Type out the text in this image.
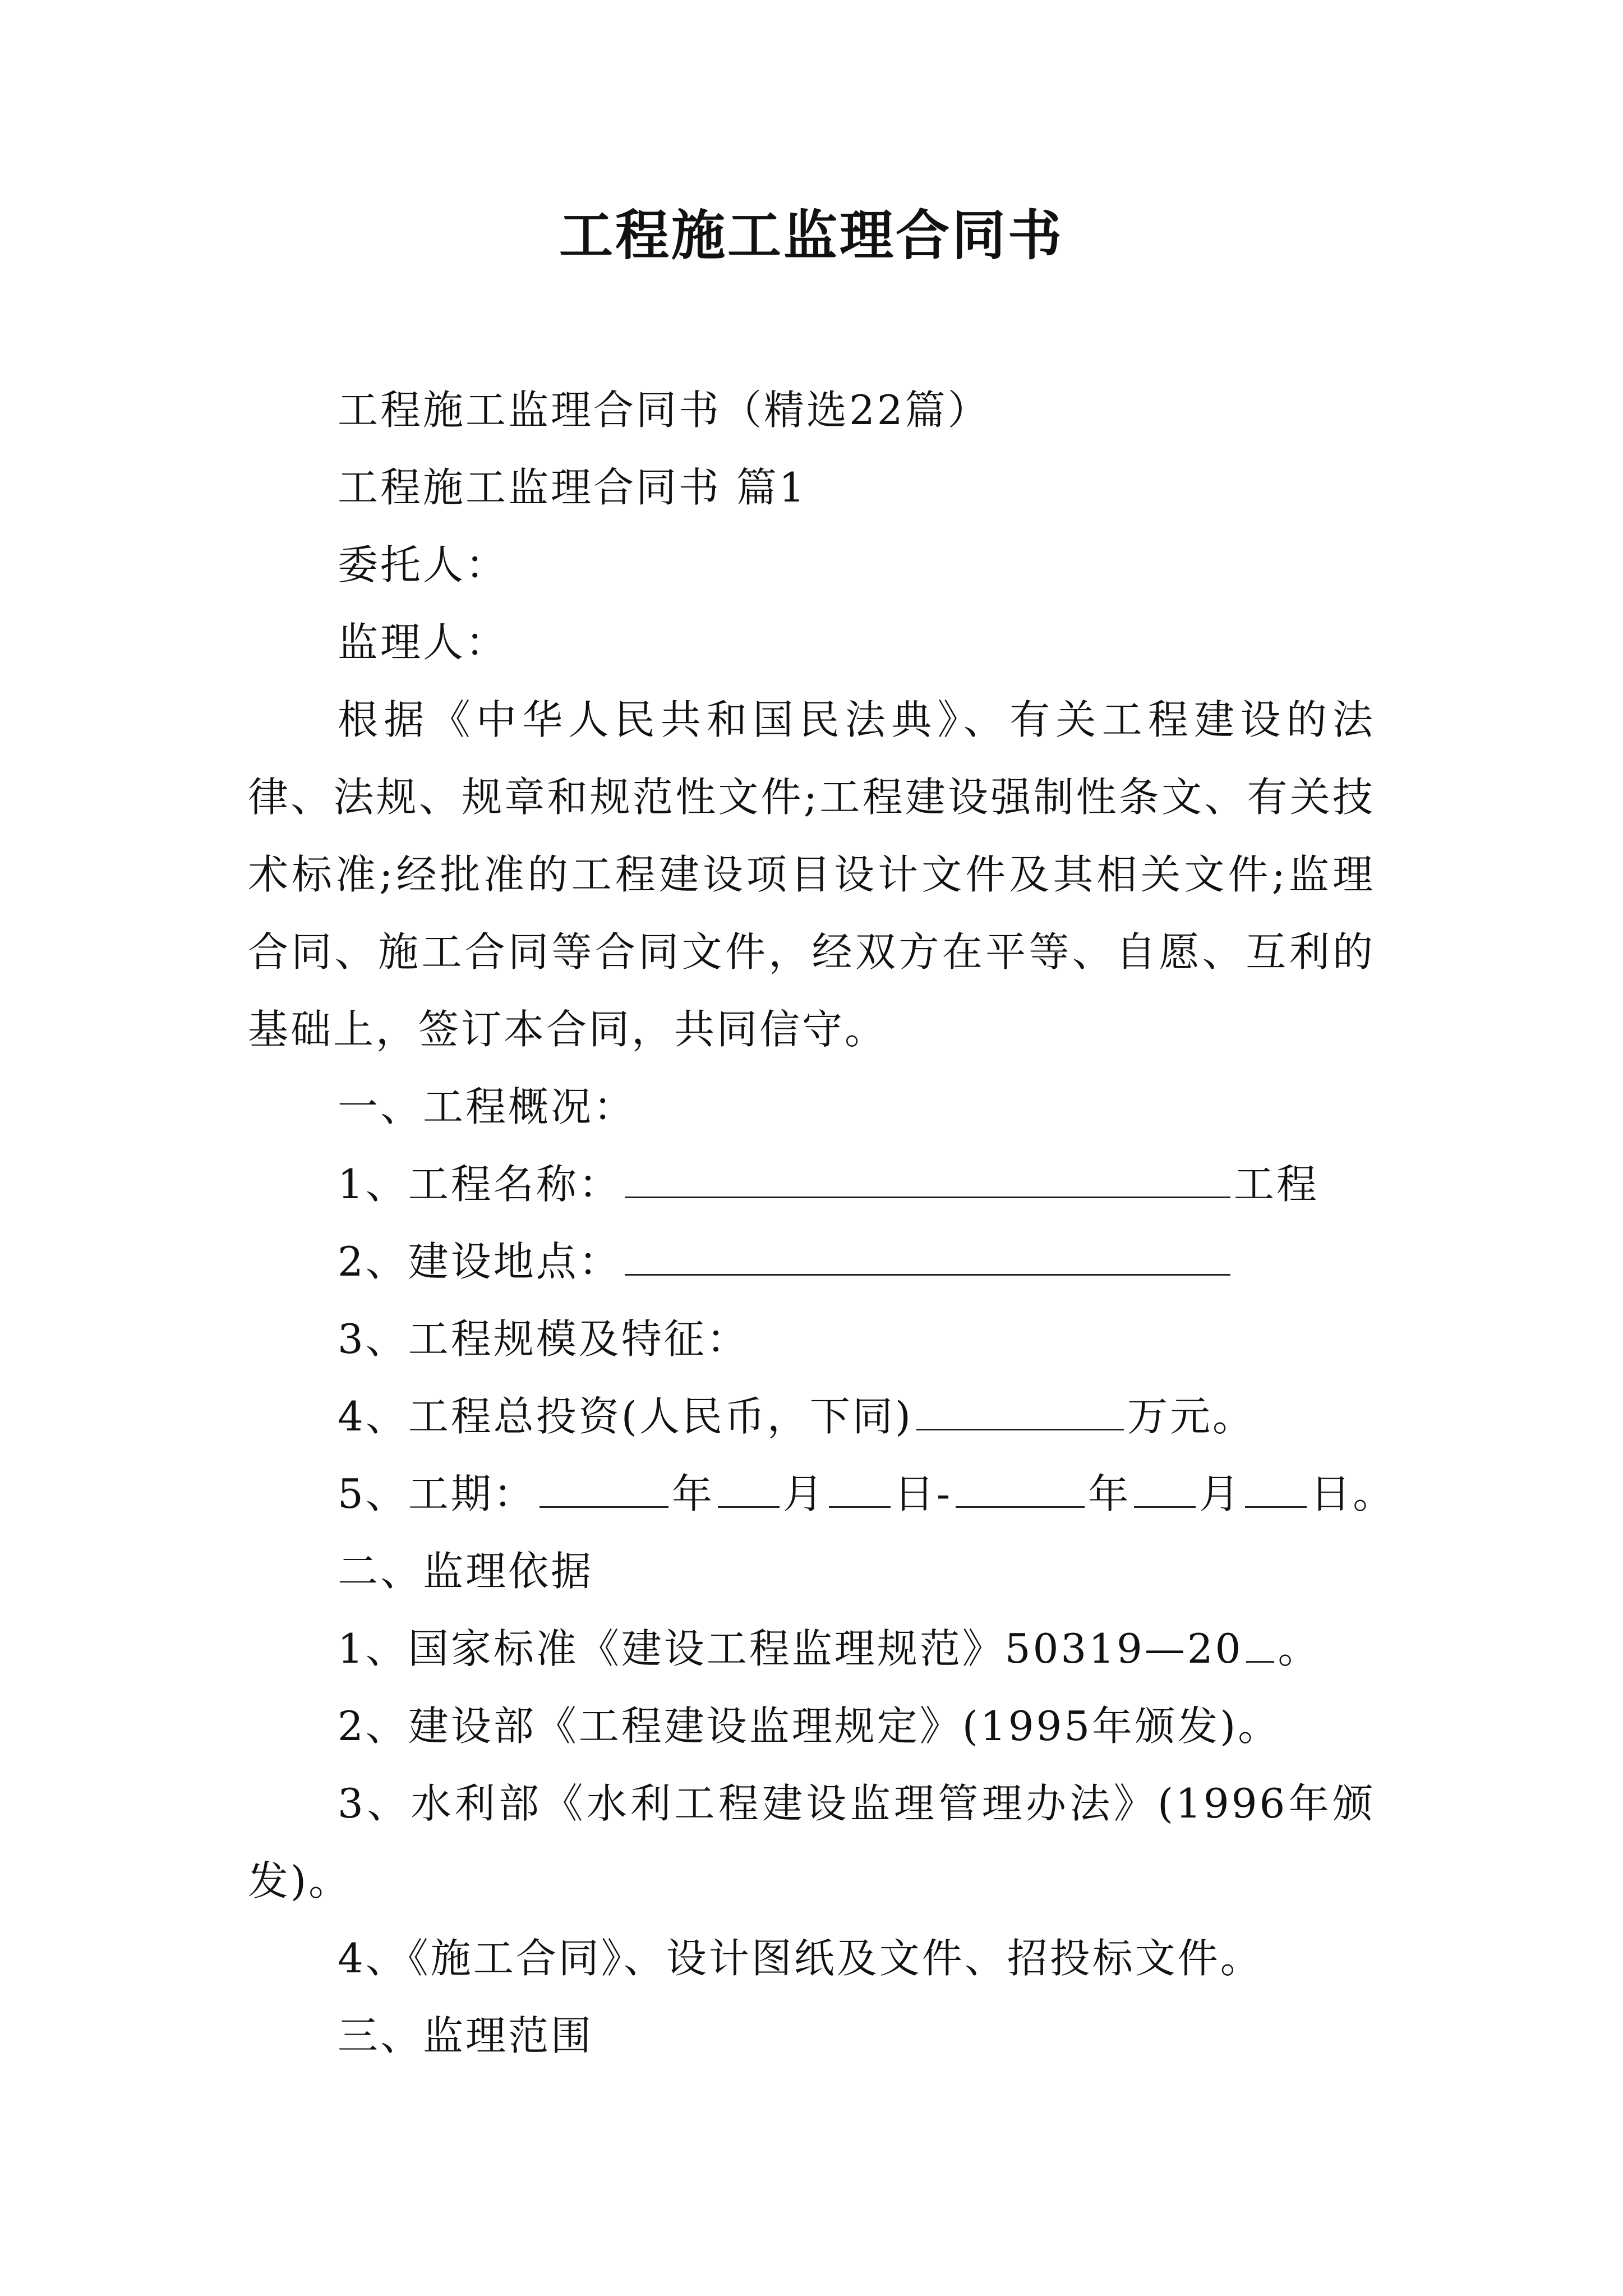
工程施工监理合同书

工程施工监理合同书（精选22篇）

工程施工监理合同书 篇1

委托人：

监理人：

根据《中华人民共和国民法典》、有关工程建设的法律、法规、规章和规范性文件;工程建设强制性条文、有关技术标准;经批准的工程建设项目设计文件及其相关文件;监理合同、施工合同等合同文件，经双方在平等、自愿、互利的基础上，签订本合同，共同信守。

一、工程概况：

1、工程名称：	工程

2、建设地点：

3、工程规模及特征：

4、工程总投资(人民币，下同)	万元。

5、工期：	年 月 日-	年 月 日。

二、监理依据

1、国家标准《建设工程监理规范》50319—20 。

2、建设部《工程建设监理规定》(1995年颁发)。

3、水利部《水利工程建设监理管理办法》(1996年颁发)。

4、《施工合同》、设计图纸及文件、招投标文件。

三、监理范围
